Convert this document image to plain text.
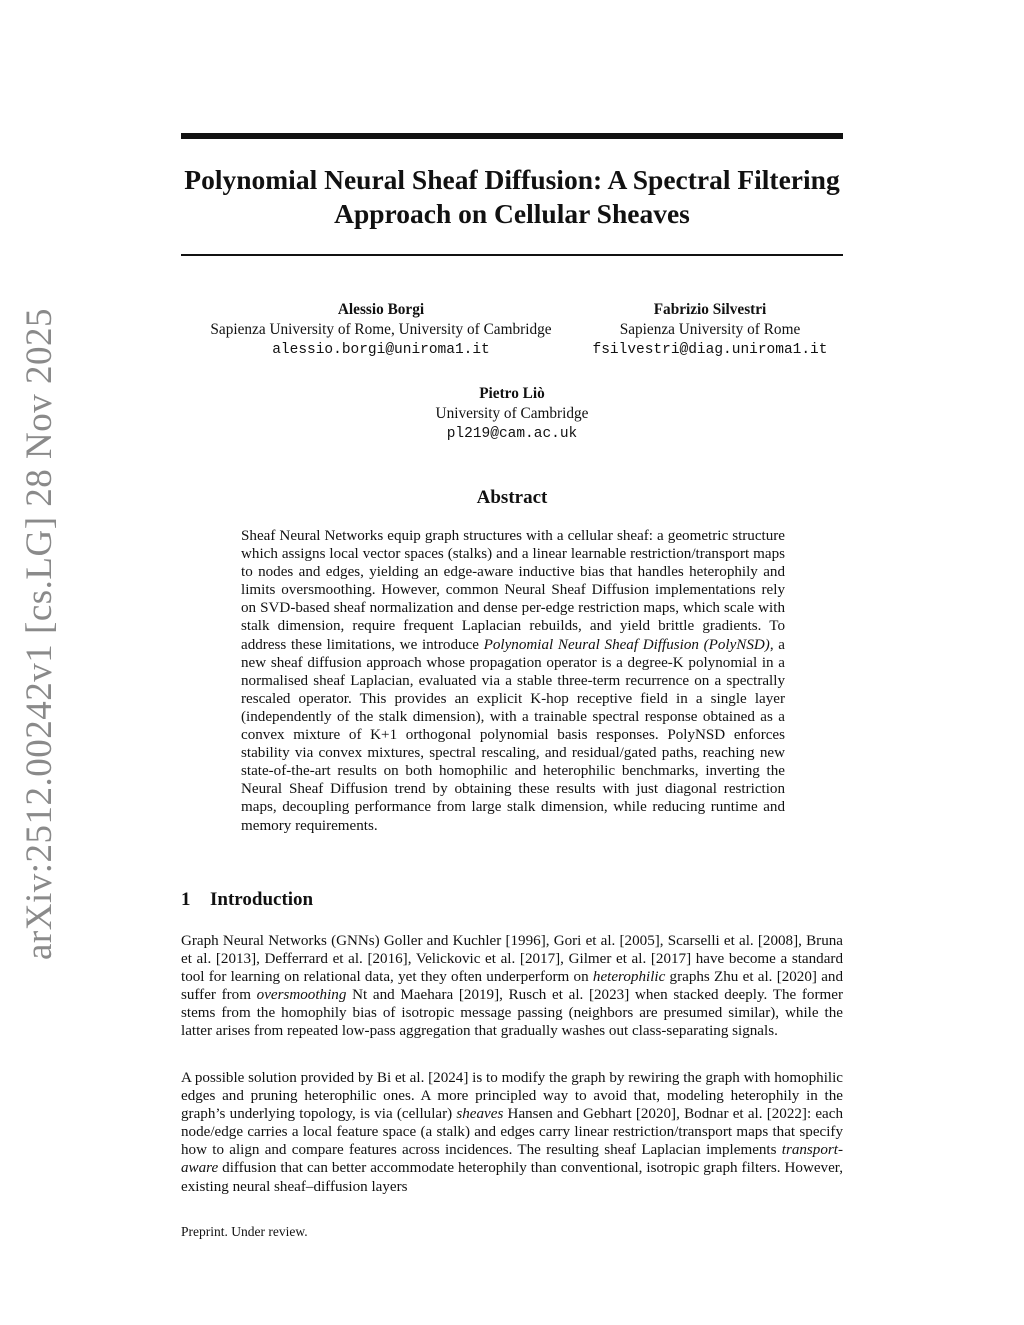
arXiv:2512.00242v1 [cs.LG] 28 Nov 2025
Polynomial Neural Sheaf Diffusion: A Spectral Filtering Approach on Cellular Sheaves
Alessio Borgi
Sapienza University of Rome, University of Cambridge
alessio.borgi@uniroma1.it
Fabrizio Silvestri
Sapienza University of Rome
fsilvestri@diag.uniroma1.it
Pietro Liò
University of Cambridge
pl219@cam.ac.uk
Abstract

Sheaf Neural Networks equip graph structures with a cellular sheaf: a geometric structure which assigns local vector spaces (stalks) and a linear learnable restriction/transport maps to nodes and edges, yielding an edge-aware inductive bias that handles heterophily and limits oversmoothing. However, common Neural Sheaf Diffusion implementations rely on SVD-based sheaf normalization and dense per-edge restriction maps, which scale with stalk dimension, require frequent Laplacian rebuilds, and yield brittle gradients. To address these limitations, we introduce Polynomial Neural Sheaf Diffusion (PolyNSD), a new sheaf diffusion approach whose propagation operator is a degree-K polynomial in a normalised sheaf Laplacian, evaluated via a stable three-term recurrence on a spectrally rescaled operator. This provides an explicit K-hop receptive field in a single layer (independently of the stalk dimension), with a trainable spectral response obtained as a convex mixture of K+1 orthogonal polynomial basis responses. PolyNSD enforces stability via convex mixtures, spectral rescaling, and residual/gated paths, reaching new state-of-the-art results on both homophilic and heterophilic benchmarks, inverting the Neural Sheaf Diffusion trend by obtaining these results with just diagonal restriction maps, decoupling performance from large stalk dimension, while reducing runtime and memory requirements.

1 Introduction

Graph Neural Networks (GNNs) Goller and Kuchler [1996], Gori et al. [2005], Scarselli et al. [2008], Bruna et al. [2013], Defferrard et al. [2016], Velickovic et al. [2017], Gilmer et al. [2017] have become a standard tool for learning on relational data, yet they often underperform on heterophilic graphs Zhu et al. [2020] and suffer from oversmoothing Nt and Maehara [2019], Rusch et al. [2023] when stacked deeply. The former stems from the homophily bias of isotropic message passing (neighbors are presumed similar), while the latter arises from repeated low-pass aggregation that gradually washes out class-separating signals.

A possible solution provided by Bi et al. [2024] is to modify the graph by rewiring the graph with homophilic edges and pruning heterophilic ones. A more principled way to avoid that, modeling heterophily in the graph’s underlying topology, is via (cellular) sheaves Hansen and Gebhart [2020], Bodnar et al. [2022]: each node/edge carries a local feature space (a stalk) and edges carry linear restriction/transport maps that specify how to align and compare features across incidences. The resulting sheaf Laplacian implements transport-aware diffusion that can better accommodate heterophily than conventional, isotropic graph filters. However, existing neural sheaf–diffusion layers

Preprint. Under review.
